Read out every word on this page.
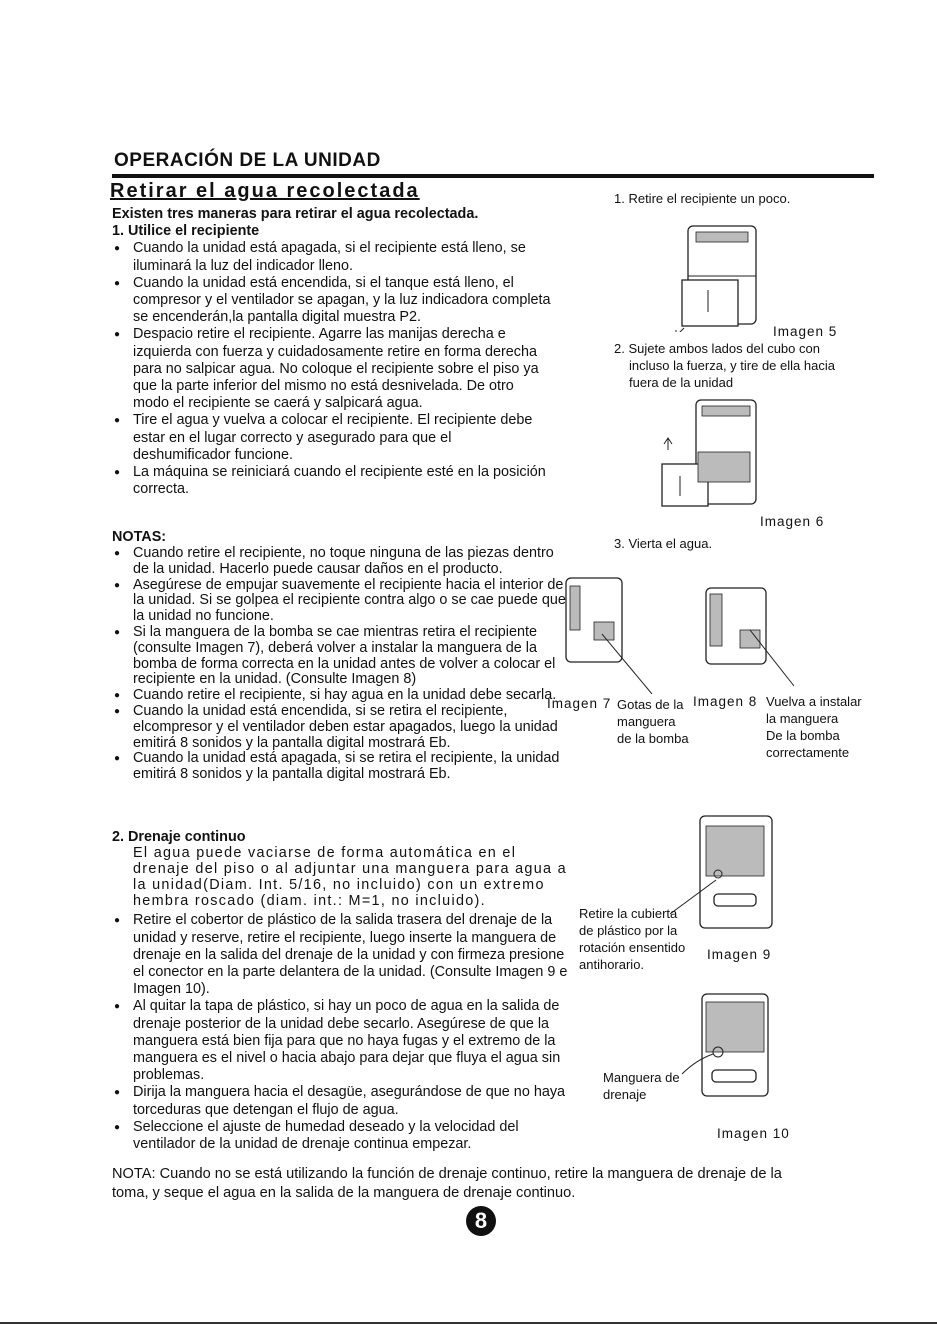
OPERACIÓN DE LA UNIDAD
Retirar el agua recolectada
Existen tres maneras para retirar el agua recolectada.
1. Utilice el recipiente
● Cuando la unidad está apagada, si el recipiente está lleno, se iluminará la luz del indicador lleno.
● Cuando la unidad está encendida, si el tanque está lleno, el compresor y el ventilador se apagan, y la luz indicadora completa se encenderán,la pantalla digital muestra P2.
● Despacio retire el recipiente. Agarre las manijas derecha e izquierda con fuerza y cuidadosamente retire en forma derecha para no salpicar agua. No coloque el recipiente sobre el piso ya que la parte inferior del mismo no está desnivelada. De otro modo el recipiente se caerá y salpicará agua.
● Tire el agua y vuelva a colocar el recipiente. El recipiente debe estar en el lugar correcto y asegurado para que el deshumificador funcione.
● La máquina se reiniciará cuando el recipiente esté en la posición correcta.
NOTAS:
● Cuando retire el recipiente, no toque ninguna de las piezas dentro de la unidad. Hacerlo puede causar daños en el producto.
● Asegúrese de empujar suavemente el recipiente hacia el interior de la unidad. Si se golpea el recipiente contra algo o se cae puede que la unidad no funcione.
● Si la manguera de la bomba se cae mientras retira el recipiente (consulte Imagen 7), deberá volver a instalar la manguera de la bomba de forma correcta en la unidad antes de volver a colocar el recipiente en la unidad. (Consulte Imagen 8)
● Cuando retire el recipiente, si hay agua en la unidad debe secarla.
● Cuando la unidad está encendida, si se retira el recipiente, elcompresor y el ventilador deben estar apagados, luego la unidad emitirá 8 sonidos y la pantalla digital mostrará Eb.
● Cuando la unidad está apagada, si se retira el recipiente, la unidad emitirá 8 sonidos y la pantalla digital mostrará Eb.
2. Drenaje continuo
El agua puede vaciarse de forma automática en el drenaje del piso o al adjuntar una manguera para agua a la unidad(Diam. Int. 5/16, no incluido) con un extremo hembra roscado (diam. int.: M=1, no incluido).
● Retire el cobertor de plástico de la salida trasera del drenaje de la unidad y reserve, retire el recipiente, luego inserte la manguera de drenaje en la salida del drenaje de la unidad y con firmeza presione el conector en la parte delantera de la unidad. (Consulte Imagen 9 e Imagen 10).
● Al quitar la tapa de plástico, si hay un poco de agua en la salida de drenaje posterior de la unidad debe secarlo. Asegúrese de que la manguera está bien fija para que no haya fugas y el extremo de la manguera es el nivel o hacia abajo para dejar que fluya el agua sin problemas.
● Dirija la manguera hacia el desagüe, asegurándose de que no haya torceduras que detengan el flujo de agua.
● Seleccione el ajuste de humedad deseado y la velocidad del ventilador de la unidad de drenaje continua empezar.
NOTA: Cuando no se está utilizando la función de drenaje continuo, retire la manguera de drenaje de la toma, y seque el agua en la salida de la manguera de drenaje continuo.
1. Retire el recipiente un poco.
Imagen 5
2. Sujete ambos lados del cubo con
incluso la fuerza, y tire de ella hacia
fuera de la unidad
Imagen 6
3. Vierta el agua.
Imagen 7 Gotas de la
manguera
de la bomba
Imagen 8 Vuelva a instalar
la manguera
De la bomba
correctamente
Retire la cubierta
de plástico por la
rotación ensentido
antihorario.
Imagen 9
Manguera de
drenaje
Imagen 10
8
